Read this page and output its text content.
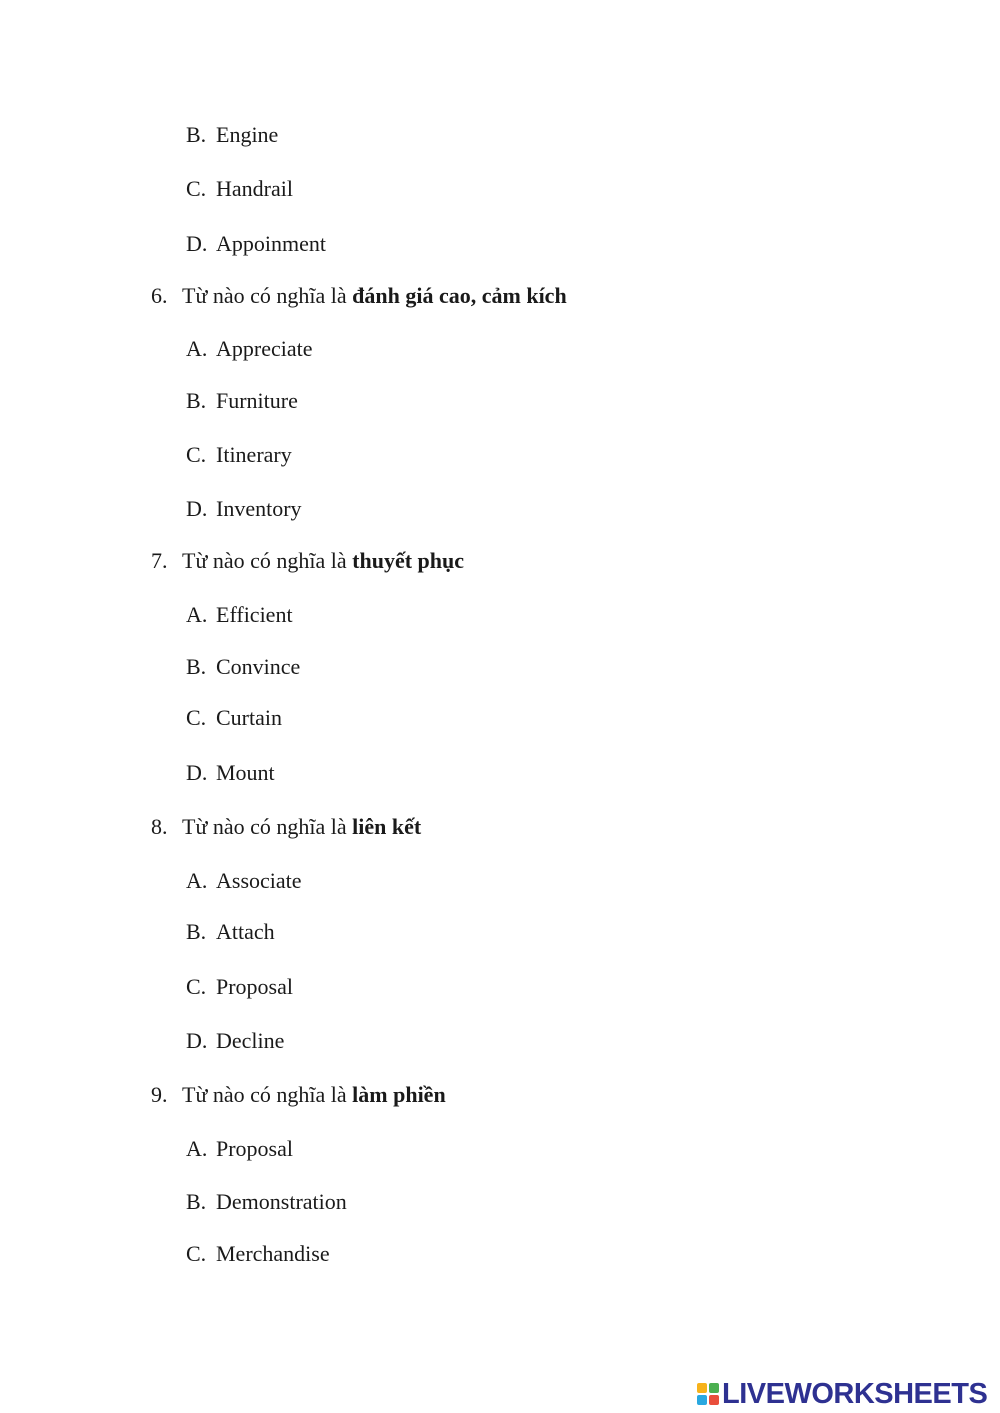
B. Engine
C. Handrail
D. Appoinment
6. Từ nào có nghĩa là đánh giá cao, cảm kích
A. Appreciate
B. Furniture
C. Itinerary
D. Inventory
7. Từ nào có nghĩa là thuyết phục
A. Efficient
B. Convince
C. Curtain
D. Mount
8. Từ nào có nghĩa là liên kết
A. Associate
B. Attach
C. Proposal
D. Decline
9. Từ nào có nghĩa là làm phiền
A. Proposal
B. Demonstration
C. Merchandise
LIVEWORKSHEETS
